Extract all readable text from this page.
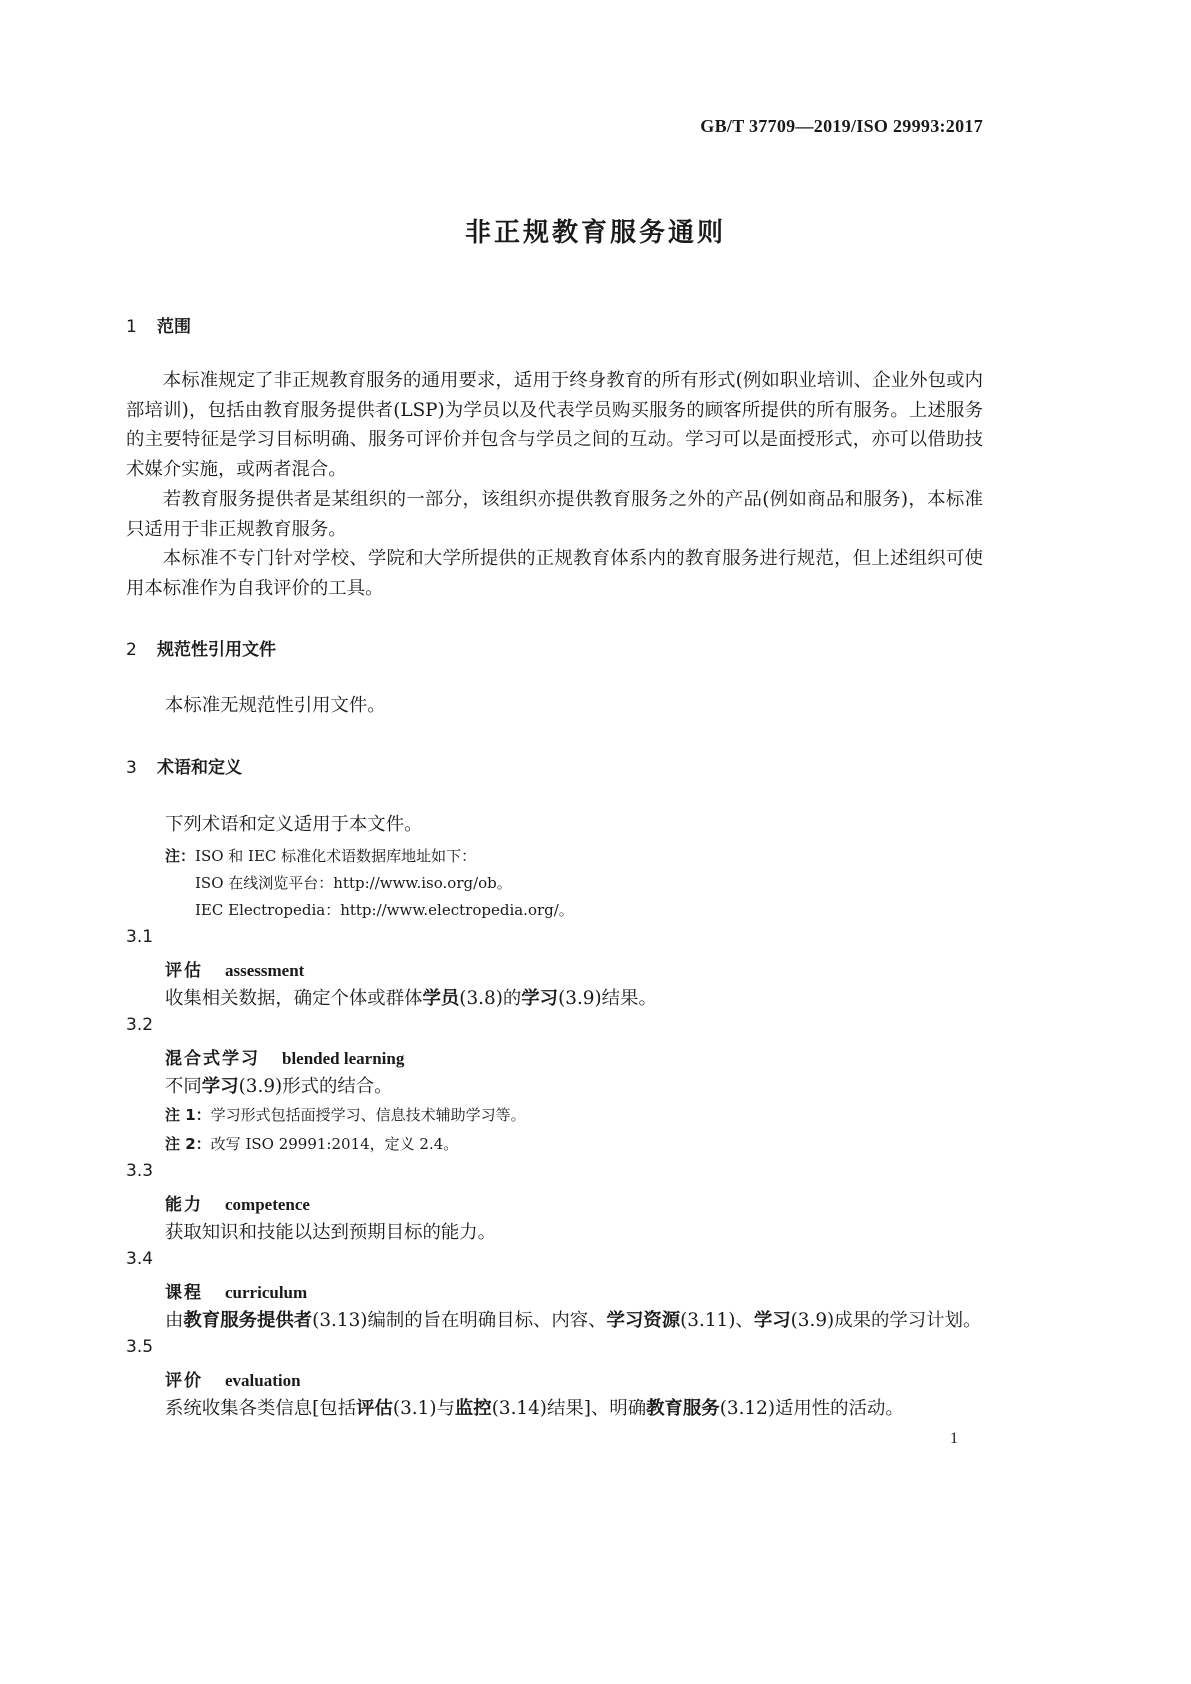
GB/T 37709—2019/ISO 29993:2017
非正规教育服务通则
1 范围

本标准规定了非正规教育服务的通用要求，适用于终身教育的所有形式(例如职业培训、企业外包或内部培训)，包括由教育服务提供者(LSP)为学员以及代表学员购买服务的顾客所提供的所有服务。上述服务的主要特征是学习目标明确、服务可评价并包含与学员之间的互动。学习可以是面授形式，亦可以借助技术媒介实施，或两者混合。

若教育服务提供者是某组织的一部分，该组织亦提供教育服务之外的产品(例如商品和服务)，本标准只适用于非正规教育服务。

本标准不专门针对学校、学院和大学所提供的正规教育体系内的教育服务进行规范，但上述组织可使用本标准作为自我评价的工具。

2 规范性引用文件
本标准无规范性引用文件。
3 术语和定义
下列术语和定义适用于本文件。
注：ISO 和 IEC 标准化术语数据库地址如下：
ISO 在线浏览平台：http://www.iso.org/ob。
IEC Electropedia：http://www.electropedia.org/。
3.1
评估 assessment
收集相关数据，确定个体或群体学员(3.8)的学习(3.9)结果。
3.2
混合式学习 blended learning
不同学习(3.9)形式的结合。
注 1：学习形式包括面授学习、信息技术辅助学习等。
注 2：改写 ISO 29991:2014，定义 2.4。
3.3
能力 competence
获取知识和技能以达到预期目标的能力。
3.4
课程 curriculum
由教育服务提供者(3.13)编制的旨在明确目标、内容、学习资源(3.11)、学习(3.9)成果的学习计划。
3.5
评价 evaluation
系统收集各类信息[包括评估(3.1)与监控(3.14)结果]、明确教育服务(3.12)适用性的活动。
1
